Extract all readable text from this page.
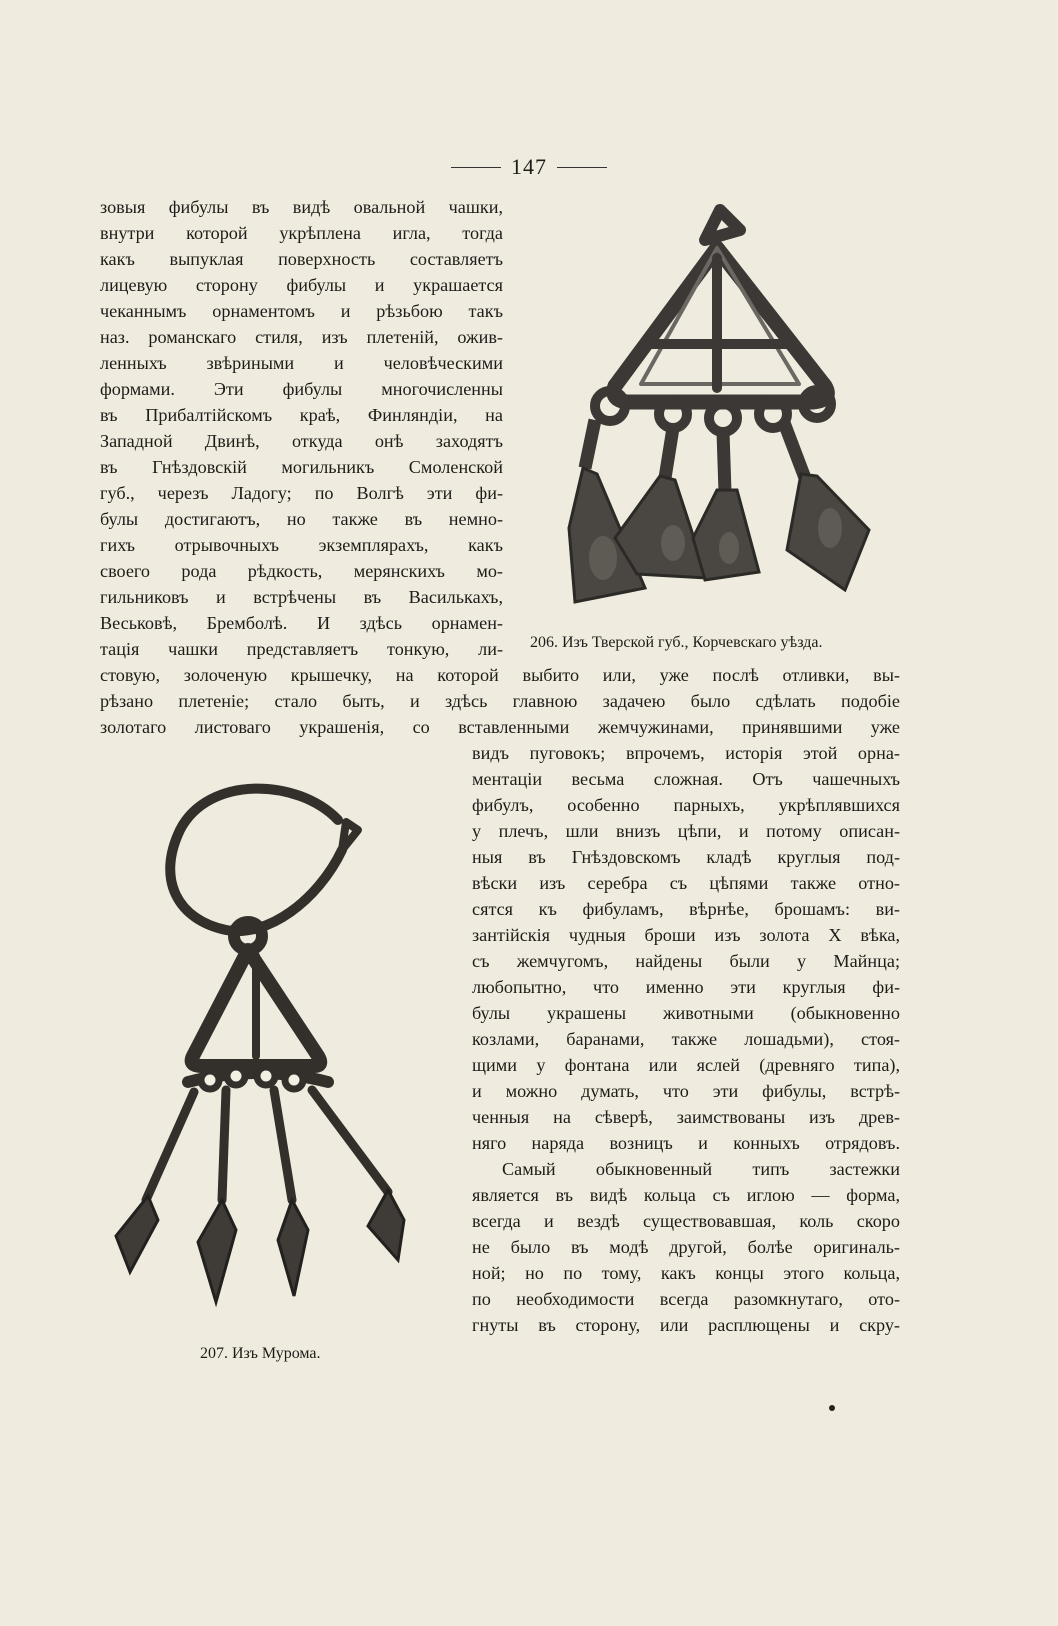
147
зовыя фибулы въ видѣ овальной чашки,
внутри которой укрѣплена игла, тогда
какъ выпуклая поверхность составляетъ
лицевую сторону фибулы и украшается
чеканнымъ орнаментомъ и рѣзьбою такъ
наз. романскаго стиля, изъ плетеній, ожив-
ленныхъ звѣриными и человѣческими
формами. Эти фибулы многочисленны
въ Прибалтійскомъ краѣ, Финляндіи, на
Западной Двинѣ, откуда онѣ заходятъ
въ Гнѣздовскій могильникъ Смоленской
губ., черезъ Ладогу; по Волгѣ эти фи-
булы достигаютъ, но также въ немно-
гихъ отрывочныхъ экземплярахъ, какъ
своего рода рѣдкость, мерянскихъ мо-
гильниковъ и встрѣчены въ Василькахъ,
Веськовѣ, Бремболѣ. И здѣсь орнамен-
тація чашки представляетъ тонкую, ли-
стовую, золоченую крышечку, на которой выбито или, уже послѣ отливки, вы-
рѣзано плетеніе; стало быть, и здѣсь главною задачею было сдѣлать подобіе
золотаго листоваго украшенія, со вставленными жемчужинами, принявшими уже
видъ пуговокъ; впрочемъ, исторія этой орна-
ментаціи весьма сложная. Отъ чашечныхъ
фибулъ, особенно парныхъ, укрѣплявшихся
у плечъ, шли внизъ цѣпи, и потому описан-
ныя въ Гнѣздовскомъ кладѣ круглыя под-
вѣски изъ серебра съ цѣпями также отно-
сятся къ фибуламъ, вѣрнѣе, брошамъ: ви-
зантійскія чудныя броши изъ золота X вѣка,
съ жемчугомъ, найдены были у Майнца;
любопытно, что именно эти круглыя фи-
булы украшены животными (обыкновенно
козлами, баранами, также лошадьми), стоя-
щими у фонтана или яслей (древняго типа),
и можно думать, что эти фибулы, встрѣ-
ченныя на сѣверѣ, заимствованы изъ древ-
няго наряда возницъ и конныхъ отрядовъ.
Самый обыкновенный типъ застежки
является въ видѣ кольца съ иглою — форма,
всегда и вездѣ существовавшая, коль скоро
не было въ модѣ другой, болѣе оригиналь-
ной; но по тому, какъ концы этого кольца,
по необходимости всегда разомкнутаго, ото-
гнуты въ сторону, или расплющены и скру-
206. Изъ Тверской губ., Корчевскаго уѣзда.
207. Изъ Мурома.
